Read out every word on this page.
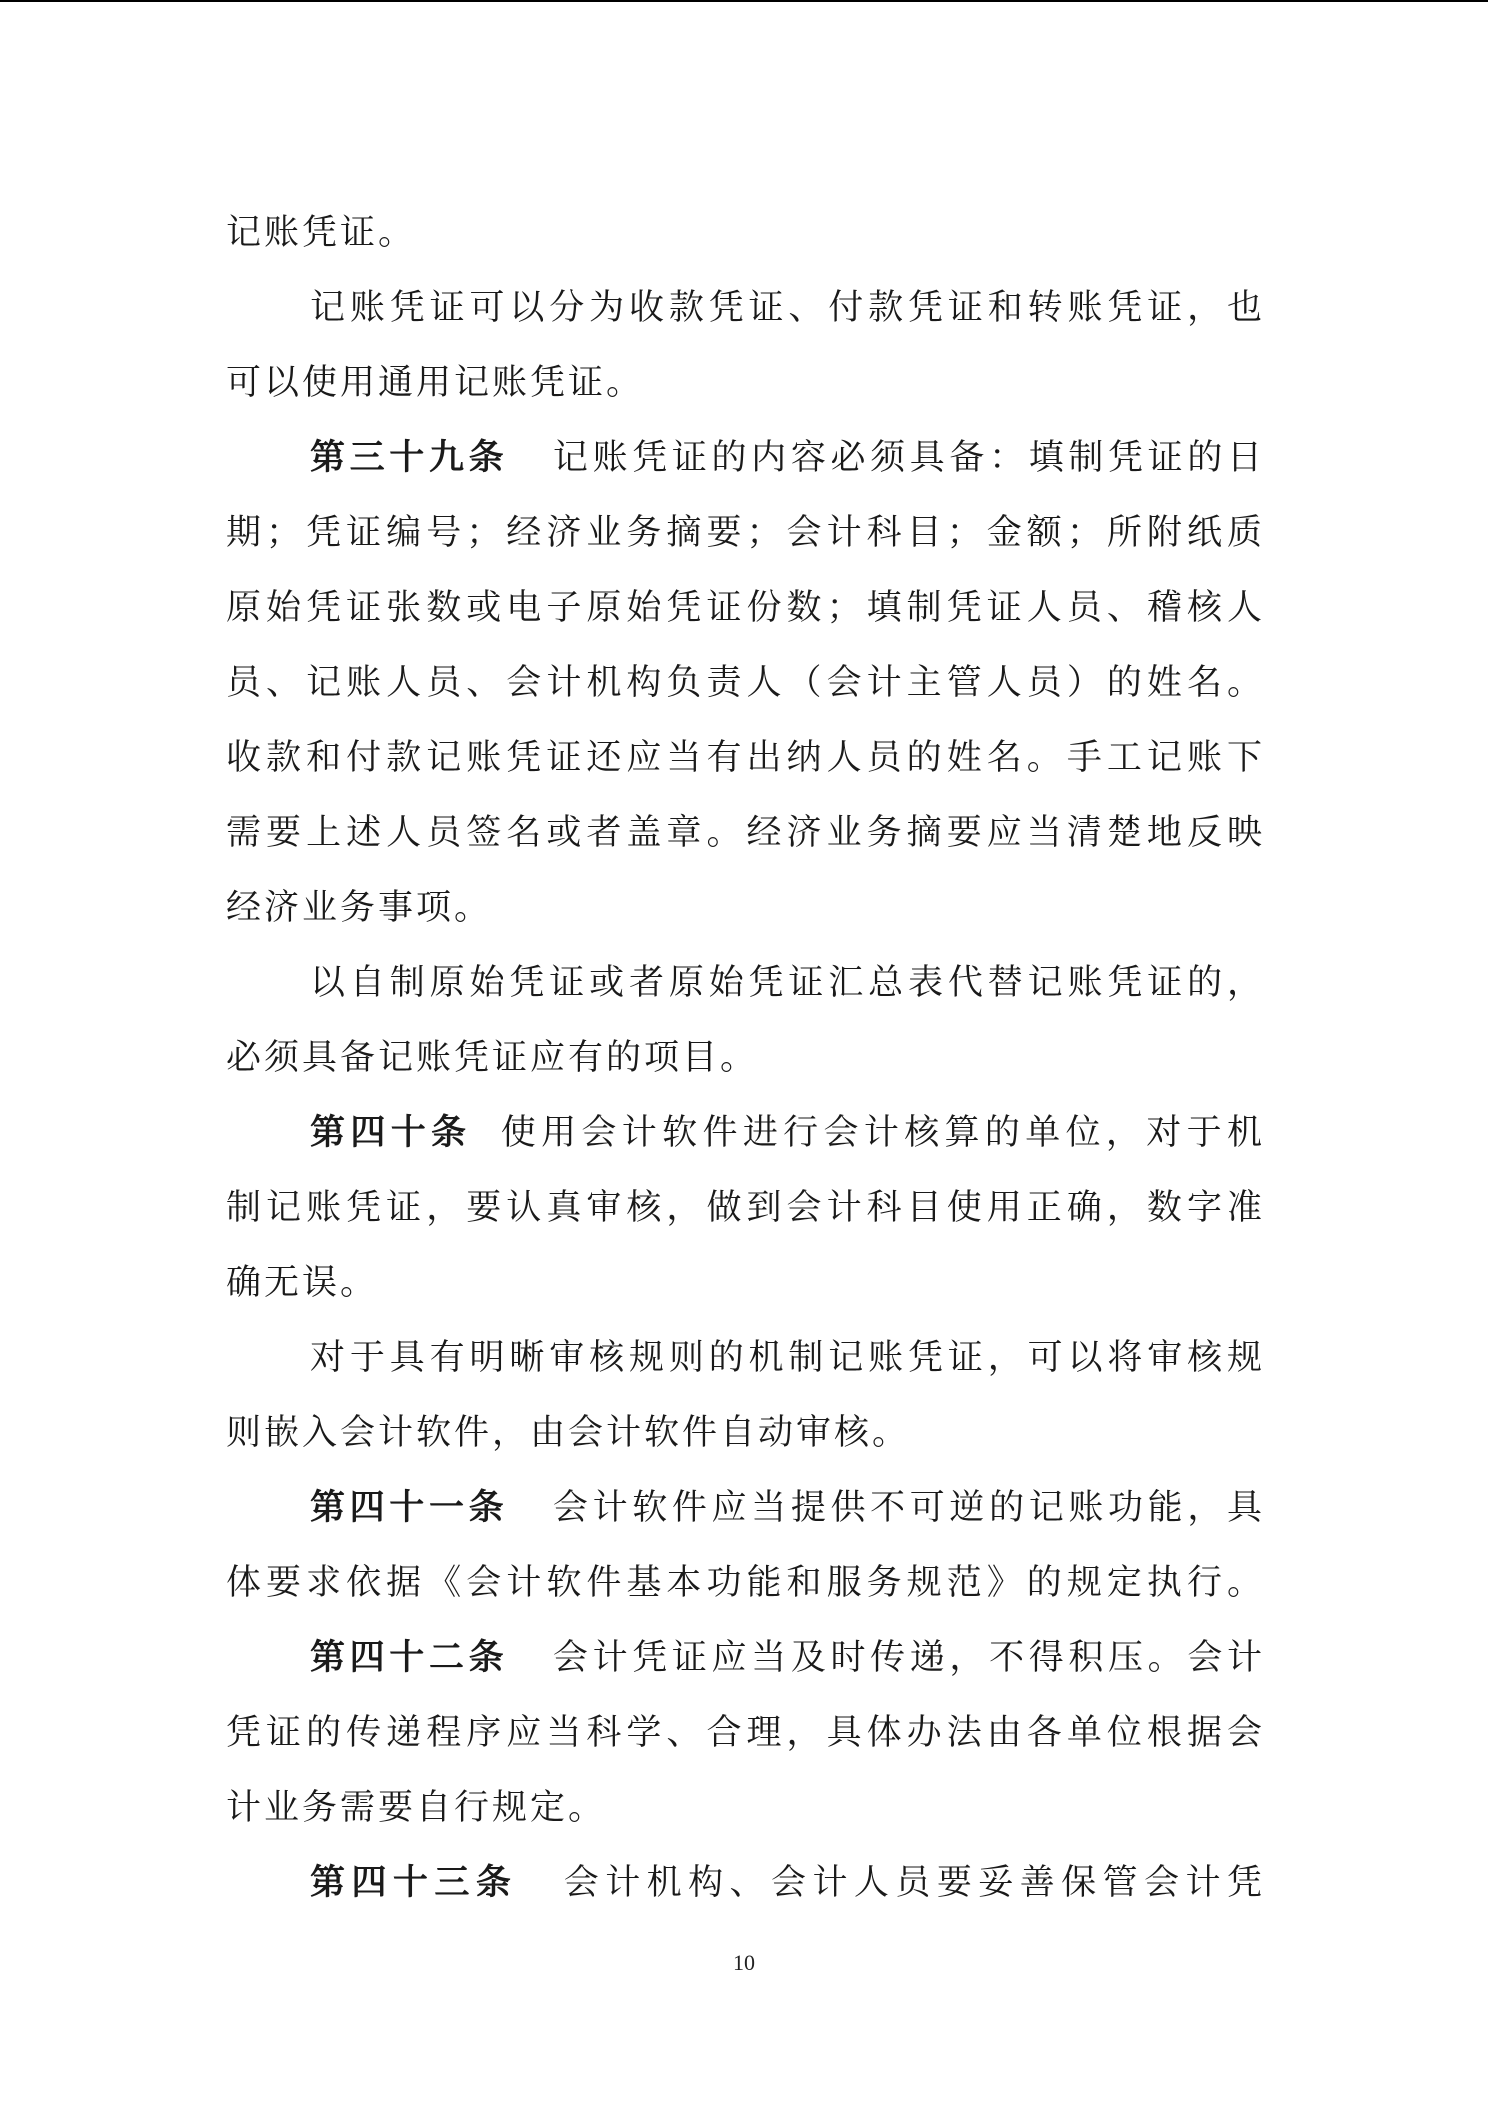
记账凭证。
记账凭证可以分为收款凭证、付款凭证和转账凭证，也
可以使用通用记账凭证。
第三十九条 记账凭证的内容必须具备：填制凭证的日
期；凭证编号；经济业务摘要；会计科目；金额；所附纸质
原始凭证张数或电子原始凭证份数；填制凭证人员、稽核人
员、记账人员、会计机构负责人（会计主管人员）的姓名。
收款和付款记账凭证还应当有出纳人员的姓名。手工记账下
需要上述人员签名或者盖章。经济业务摘要应当清楚地反映
经济业务事项。
以自制原始凭证或者原始凭证汇总表代替记账凭证的，
必须具备记账凭证应有的项目。
第四十条 使用会计软件进行会计核算的单位，对于机
制记账凭证，要认真审核，做到会计科目使用正确，数字准
确无误。
对于具有明晰审核规则的机制记账凭证，可以将审核规
则嵌入会计软件，由会计软件自动审核。
第四十一条 会计软件应当提供不可逆的记账功能，具
体要求依据《会计软件基本功能和服务规范》的规定执行。
第四十二条 会计凭证应当及时传递，不得积压。会计
凭证的传递程序应当科学、合理，具体办法由各单位根据会
计业务需要自行规定。
第四十三条 会计机构、会计人员要妥善保管会计凭
10
